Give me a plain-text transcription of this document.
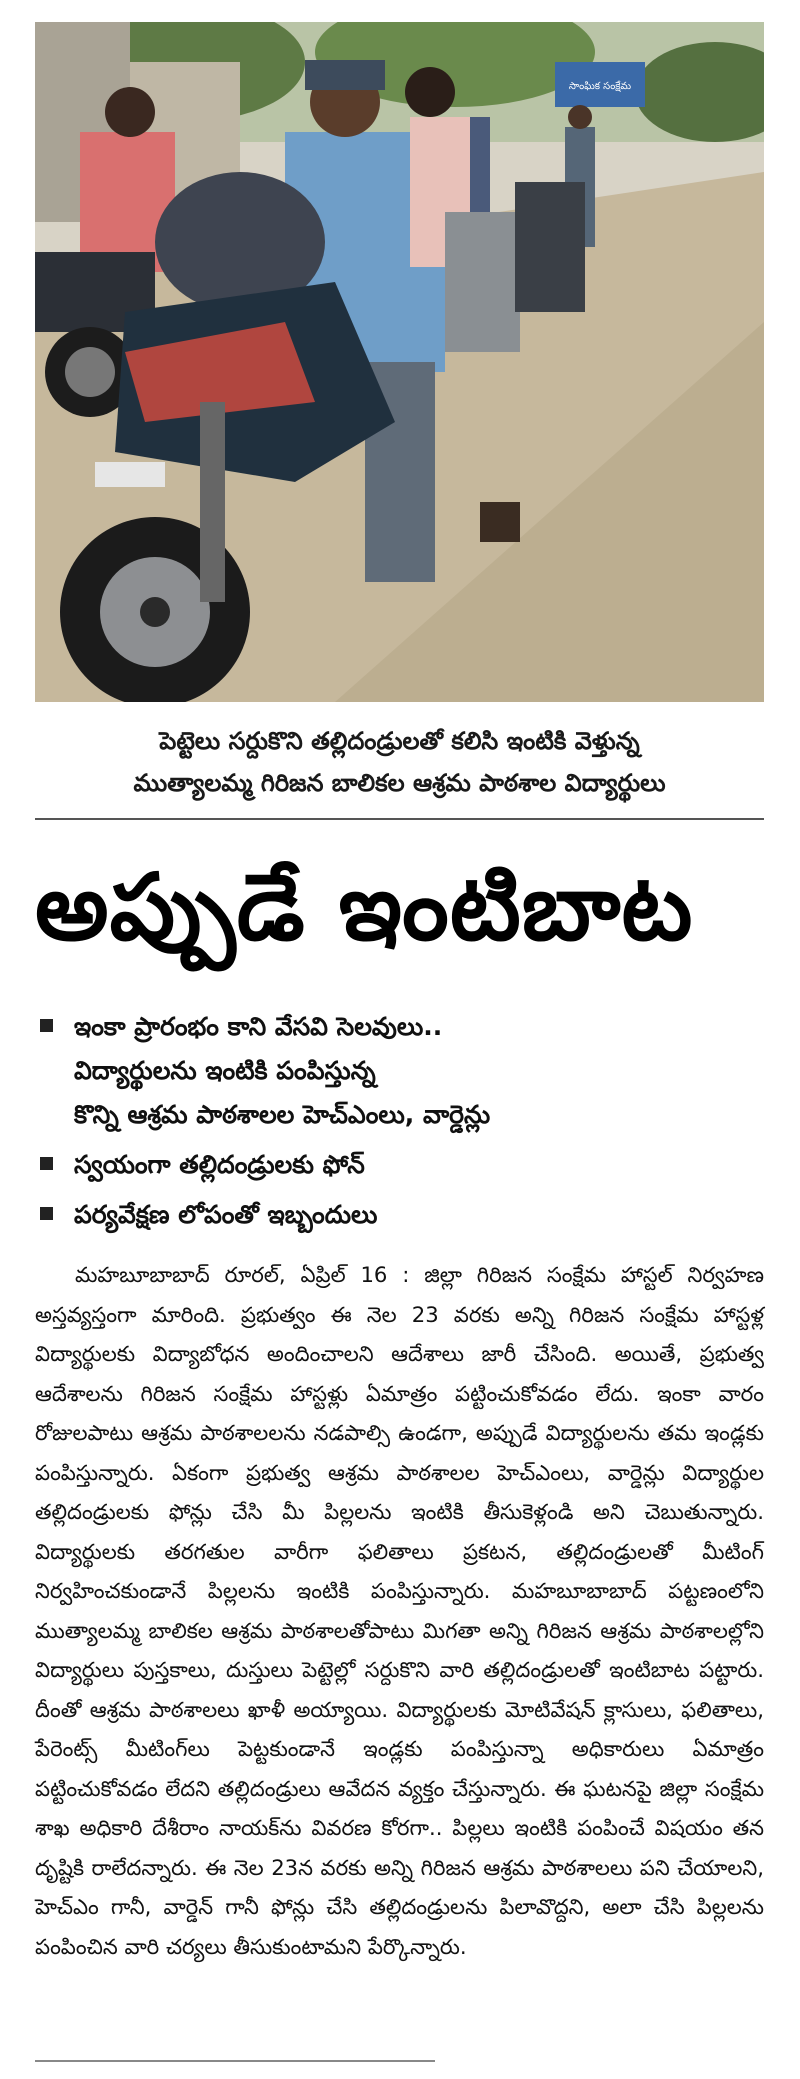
సాంఘిక సంక్షేమ
పెట్టెలు సర్దుకొని తల్లిదండ్రులతో కలిసి ఇంటికి వెళ్తున్న
ముత్యాలమ్మ గిరిజన బాలికల ఆశ్రమ పాఠశాల విద్యార్థులు
అప్పుడే ఇంటిబాట
ఇంకా ప్రారంభం కాని వేసవి సెలవులు..
విద్యార్థులను ఇంటికి పంపిస్తున్న
కొన్ని ఆశ్రమ పాఠశాలల హెచ్‌ఎంలు, వార్డెన్లు
స్వయంగా తల్లిదండ్రులకు ఫోన్
పర్యవేక్షణ లోపంతో ఇబ్బందులు
మహబూబాబాద్ రూరల్, ఏప్రిల్ 16 : జిల్లా గిరిజన సంక్షేమ హాస్టల్ నిర్వహణ అస్తవ్యస్తంగా మారింది. ప్రభుత్వం ఈ నెల 23 వరకు అన్ని గిరిజన సంక్షేమ హాస్టళ్ల విద్యార్థులకు విద్యాబోధన అందించాలని ఆదేశాలు జారీ చేసింది. అయితే, ప్రభుత్వ ఆదేశాలను గిరిజన సంక్షేమ హాస్టళ్లు ఏమాత్రం పట్టించుకోవడం లేదు. ఇంకా వారం రోజులపాటు ఆశ్రమ పాఠశాలలను నడపాల్సి ఉండగా, అప్పుడే విద్యార్థులను తమ ఇండ్లకు పంపిస్తున్నారు. ఏకంగా ప్రభుత్వ ఆశ్రమ పాఠశాలల హెచ్‌ఎంలు, వార్డెన్లు విద్యార్థుల తల్లిదండ్రులకు ఫోన్లు చేసి మీ పిల్లలను ఇంటికి తీసుకెళ్లండి అని చెబుతున్నారు. విద్యార్థులకు తరగతుల వారీగా ఫలితాలు ప్రకటన, తల్లిదండ్రులతో మీటింగ్ నిర్వహించకుండానే పిల్లలను ఇంటికి పంపిస్తున్నారు. మహబూబాబాద్ పట్టణంలోని ముత్యాలమ్మ బాలికల ఆశ్రమ పాఠశాలతోపాటు మిగతా అన్ని గిరిజన ఆశ్రమ పాఠశాలల్లోని విద్యార్థులు పుస్తకాలు, దుస్తులు పెట్టెల్లో సర్దుకొని వారి తల్లిదండ్రులతో ఇంటిబాట పట్టారు. దీంతో ఆశ్రమ పాఠశాలలు ఖాళీ అయ్యాయి. విద్యార్థులకు మోటివేషన్ క్లాసులు, ఫలితాలు, పేరెంట్స్ మీటింగ్‌లు పెట్టకుండానే ఇండ్లకు పంపిస్తున్నా అధికారులు ఏమాత్రం పట్టించుకోవడం లేదని తల్లిదండ్రులు ఆవేదన వ్యక్తం చేస్తున్నారు. ఈ ఘటనపై జిల్లా సంక్షేమ శాఖ అధికారి దేశీరాం నాయక్‌ను వివరణ కోరగా.. పిల్లలు ఇంటికి పంపించే విషయం తన దృష్టికి రాలేదన్నారు. ఈ నెల 23న వరకు అన్ని గిరిజన ఆశ్రమ పాఠశాలలు పని చేయాలని, హెచ్‌ఎం గానీ, వార్డెన్ గానీ ఫోన్లు చేసి తల్లిదండ్రులను పిలావొద్దని, అలా చేసి పిల్లలను పంపించిన వారి చర్యలు తీసుకుంటామని పేర్కొన్నారు.
